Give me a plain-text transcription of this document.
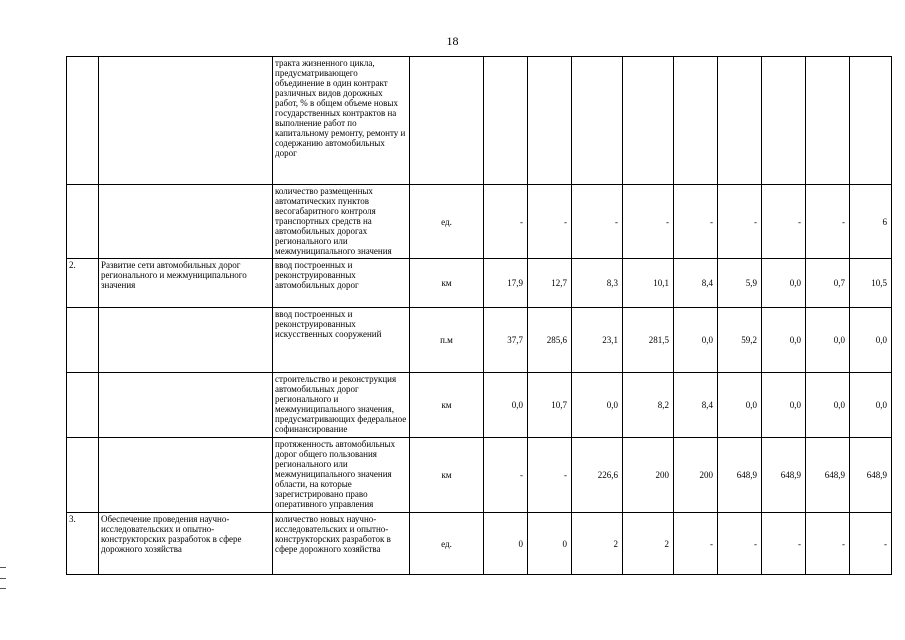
18
		тракта жизненного цикла, предусматривающего объединение в один контракт различных видов дорожных работ, % в общем объеме новых государственных контрактов на выполнение работ по капитальному ремонту, ремонту и содержанию автомобильных дорог										
		количество размещенных автоматических пунктов весогабаритного контроля транспортных средств на автомобильных дорогах регионального или межмуниципального значения	ед.	-	-	-	-	-	-	-	-	6
2.	Развитие сети автомобильных дорог регионального и межмуниципального значения	ввод построенных и реконструированных автомобильных дорог	км	17,9	12,7	8,3	10,1	8,4	5,9	0,0	0,7	10,5
		ввод построенных и реконструированных искусственных сооружений	п.м	37,7	285,6	23,1	281,5	0,0	59,2	0,0	0,0	0,0
		строительство и реконструкция автомобильных дорог регионального и межмуниципального значения, предусматривающих федеральное софинансирование	км	0,0	10,7	0,0	8,2	8,4	0,0	0,0	0,0	0,0
		протяженность автомобильных дорог общего пользования регионального или межмуниципального значения области, на которые зарегистрировано право оперативного управления	км	-	-	226,6	200	200	648,9	648,9	648,9	648,9
3.	Обеспечение проведения научно-исследовательских и опытно-конструкторских разработок в сфере дорожного хозяйства	количество новых научно-исследовательских и опытно-конструкторских разработок в сфере дорожного хозяйства	ед.	0	0	2	2	-	-	-	-	-
